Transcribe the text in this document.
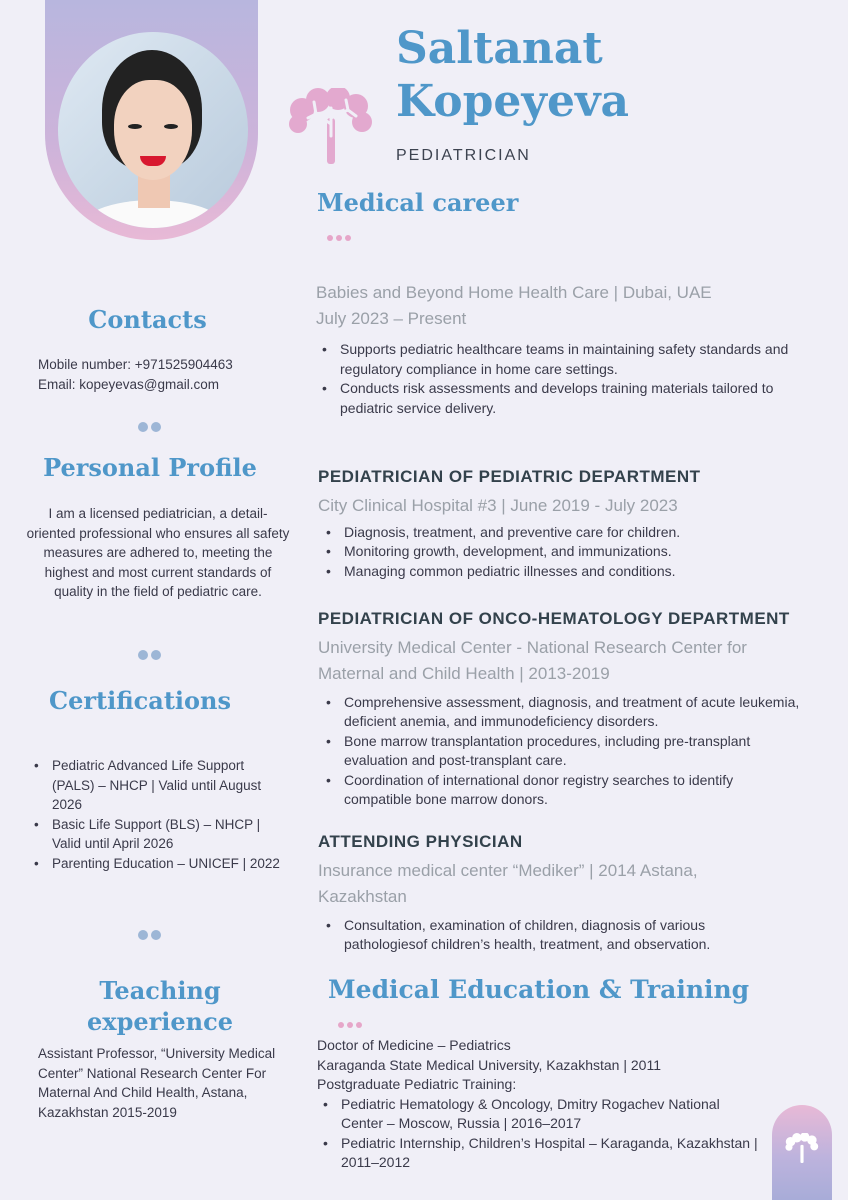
Saltanat
Kopeyeva
PEDIATRICIAN
Contacts
Mobile number: +971525904463
Email: kopeyevas@gmail.com
Personal Profile
I am a licensed pediatrician, a detail-oriented professional who ensures all safety measures are adhered to, meeting the highest and most current standards of quality in the field of pediatric care.
Certifications
• Pediatric Advanced Life Support (PALS) – NHCP | Valid until August 2026
• Basic Life Support (BLS) – NHCP | Valid until April 2026
• Parenting Education – UNICEF | 2022
Teaching experience
Assistant Professor, “University Medical Center” National Research Center For Maternal And Child Health, Astana, Kazakhstan 2015-2019
Medical career
Babies and Beyond Home Health Care | Dubai, UAE
July 2023 – Present
• Supports pediatric healthcare teams in maintaining safety standards and regulatory compliance in home care settings.
• Conducts risk assessments and develops training materials tailored to pediatric service delivery.
PEDIATRICIAN OF PEDIATRIC DEPARTMENT
City Clinical Hospital #3 | June 2019 - July 2023
• Diagnosis, treatment, and preventive care for children.
• Monitoring growth, development, and immunizations.
• Managing common pediatric illnesses and conditions.
PEDIATRICIAN OF ONCO-HEMATOLOGY DEPARTMENT
University Medical Center - National Research Center for Maternal and Child Health | 2013-2019
• Comprehensive assessment, diagnosis, and treatment of acute leukemia, deficient anemia, and immunodeficiency disorders.
• Bone marrow transplantation procedures, including pre-transplant evaluation and post-transplant care.
• Coordination of international donor registry searches to identify compatible bone marrow donors.
ATTENDING PHYSICIAN
Insurance medical center “Mediker” | 2014 Astana, Kazakhstan
• Consultation, examination of children, diagnosis of various pathologiesof children’s health, treatment, and observation.
Medical Education & Training
Doctor of Medicine – Pediatrics
Karaganda State Medical University, Kazakhstan | 2011
Postgraduate Pediatric Training:
• Pediatric Hematology & Oncology, Dmitry Rogachev National Center – Moscow, Russia | 2016–2017
• Pediatric Internship, Children’s Hospital – Karaganda, Kazakhstan | 2011–2012
